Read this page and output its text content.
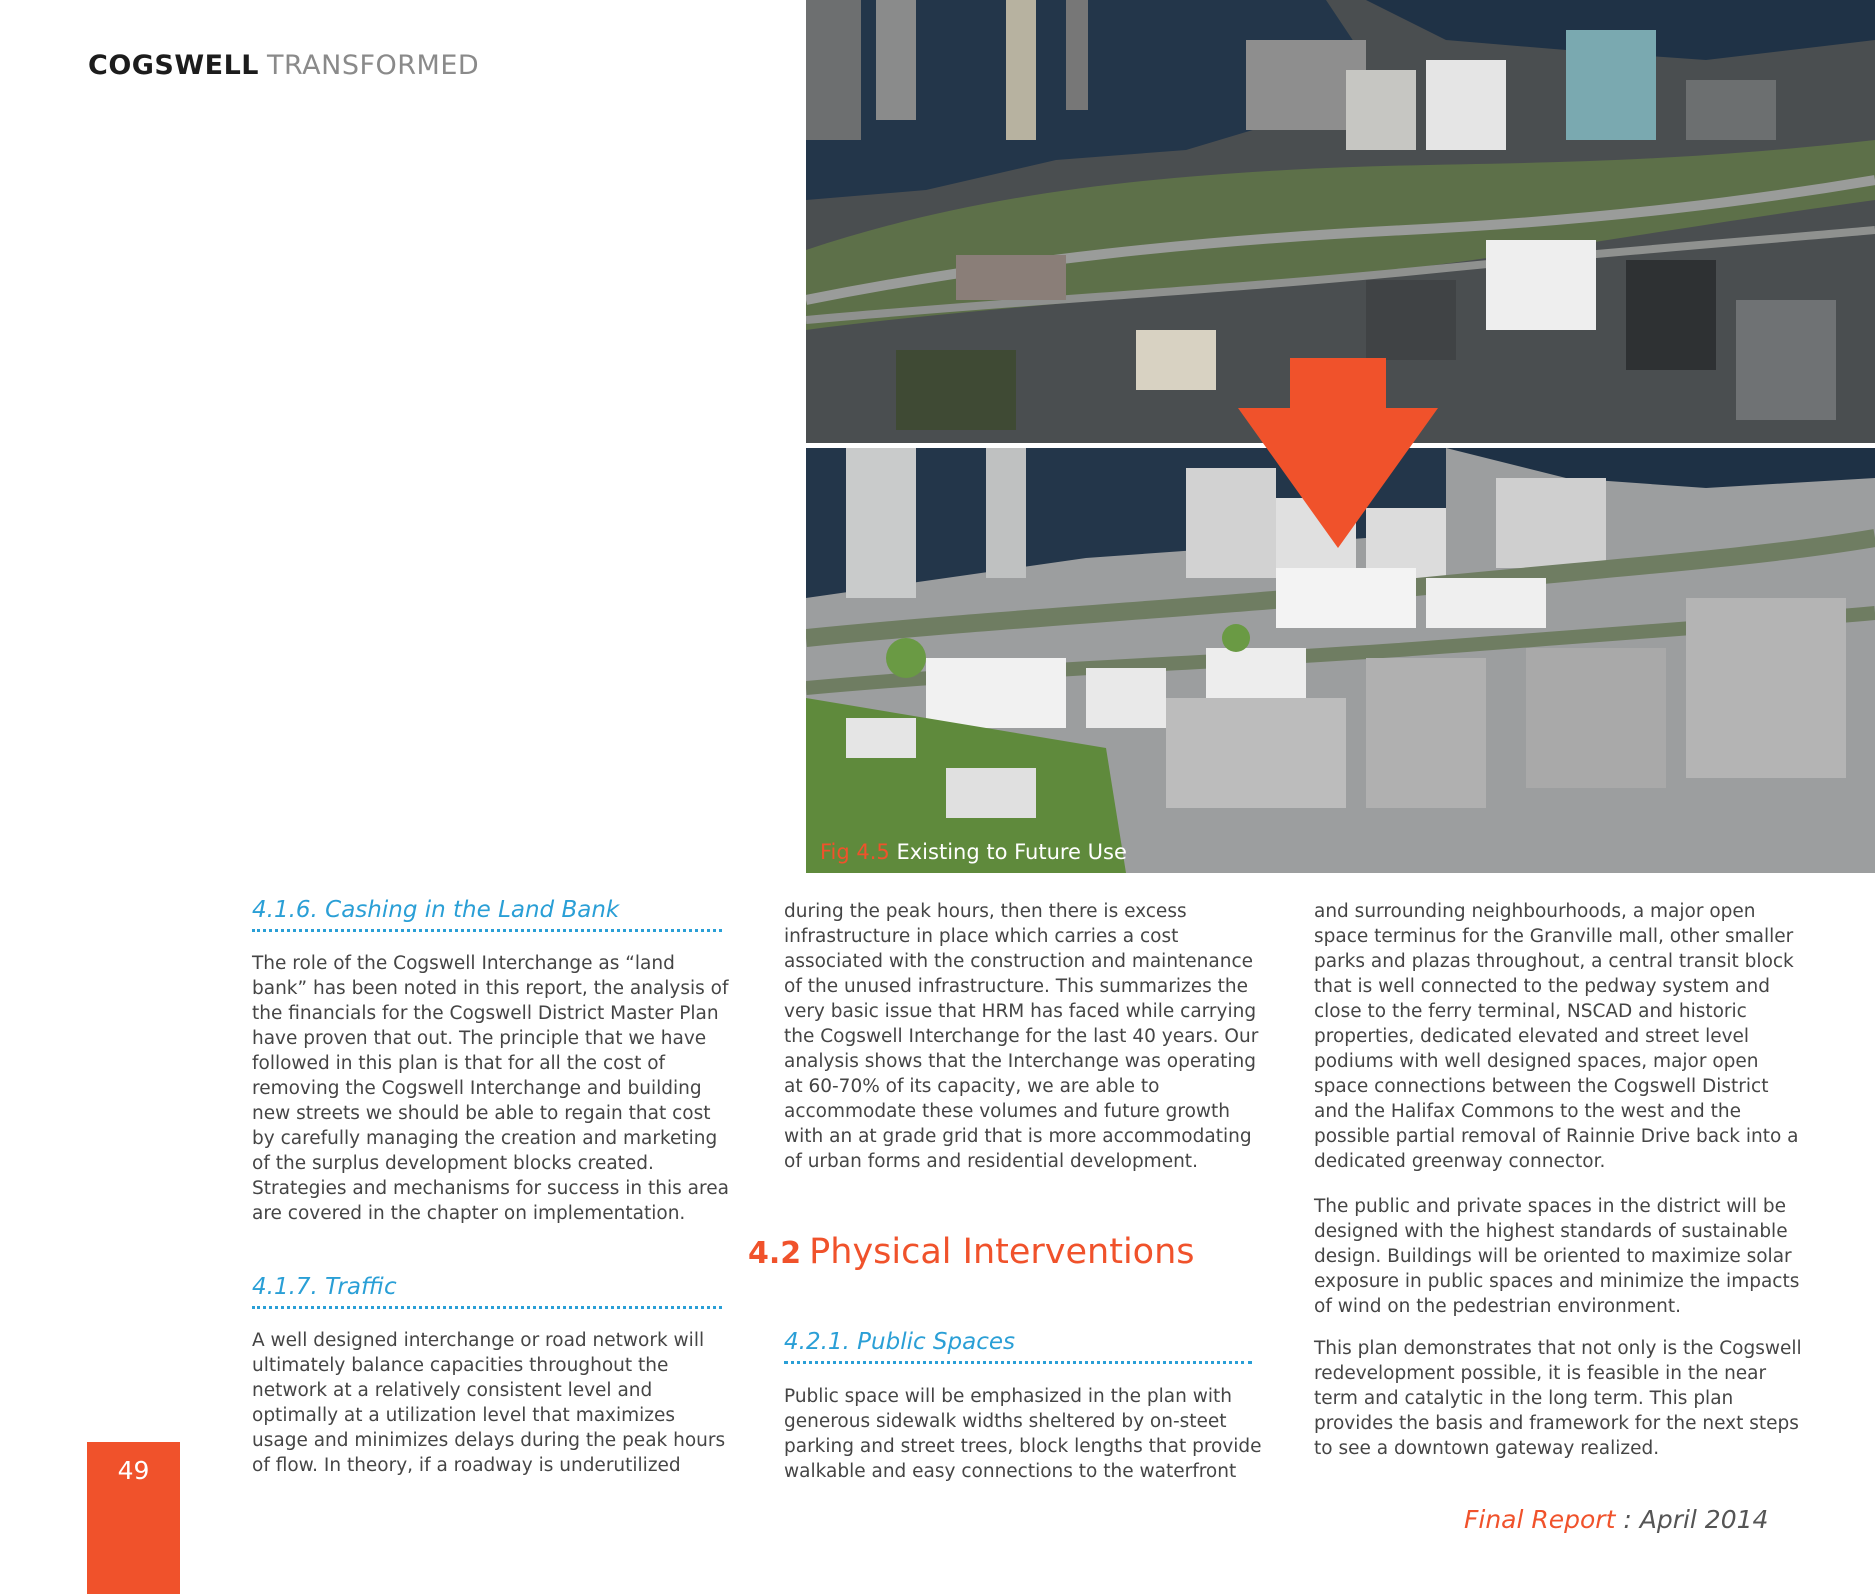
COGSWELL TRANSFORMED
Fig 4.5 Existing to Future Use
4.1.6. Cashing in the Land Bank

The role of the Cogswell Interchange as “land bank” has been noted in this report, the analysis of the financials for the Cogswell District Master Plan have proven that out. The principle that we have followed in this plan is that for all the cost of removing the Cogswell Interchange and building new streets we should be able to regain that cost by carefully managing the creation and marketing of the surplus development blocks created. Strategies and mechanisms for success in this area are covered in the chapter on implementation.

4.1.7. Traffic

A well designed interchange or road network will ultimately balance capacities throughout the network at a relatively consistent level and optimally at a utilization level that maximizes usage and minimizes delays during the peak hours of flow. In theory, if a roadway is underutilized

during the peak hours, then there is excess infrastructure in place which carries a cost associated with the construction and maintenance of the unused infrastructure. This summarizes the very basic issue that HRM has faced while carrying the Cogswell Interchange for the last 40 years. Our analysis shows that the Interchange was operating at 60-70% of its capacity, we are able to accommodate these volumes and future growth with an at grade grid that is more accommodating of urban forms and residential development.

4.2 Physical Interventions
4.2.1. Public Spaces

Public space will be emphasized in the plan with generous sidewalk widths sheltered by on-steet parking and street trees, block lengths that provide walkable and easy connections to the waterfront

and surrounding neighbourhoods, a major open space terminus for the Granville mall, other smaller parks and plazas throughout, a central transit block that is well connected to the pedway system and close to the ferry terminal, NSCAD and historic properties, dedicated elevated and street level podiums with well designed spaces, major open space connections between the Cogswell District and the Halifax Commons to the west and the possible partial removal of Rainnie Drive back into a dedicated greenway connector.

The public and private spaces in the district will be designed with the highest standards of sustainable design. Buildings will be oriented to maximize solar exposure in public spaces and minimize the impacts of wind on the pedestrian environment.

This plan demonstrates that not only is the Cogswell redevelopment possible, it is feasible in the near term and catalytic in the long term. This plan provides the basis and framework for the next steps to see a downtown gateway realized.

49
Final Report : April 2014
